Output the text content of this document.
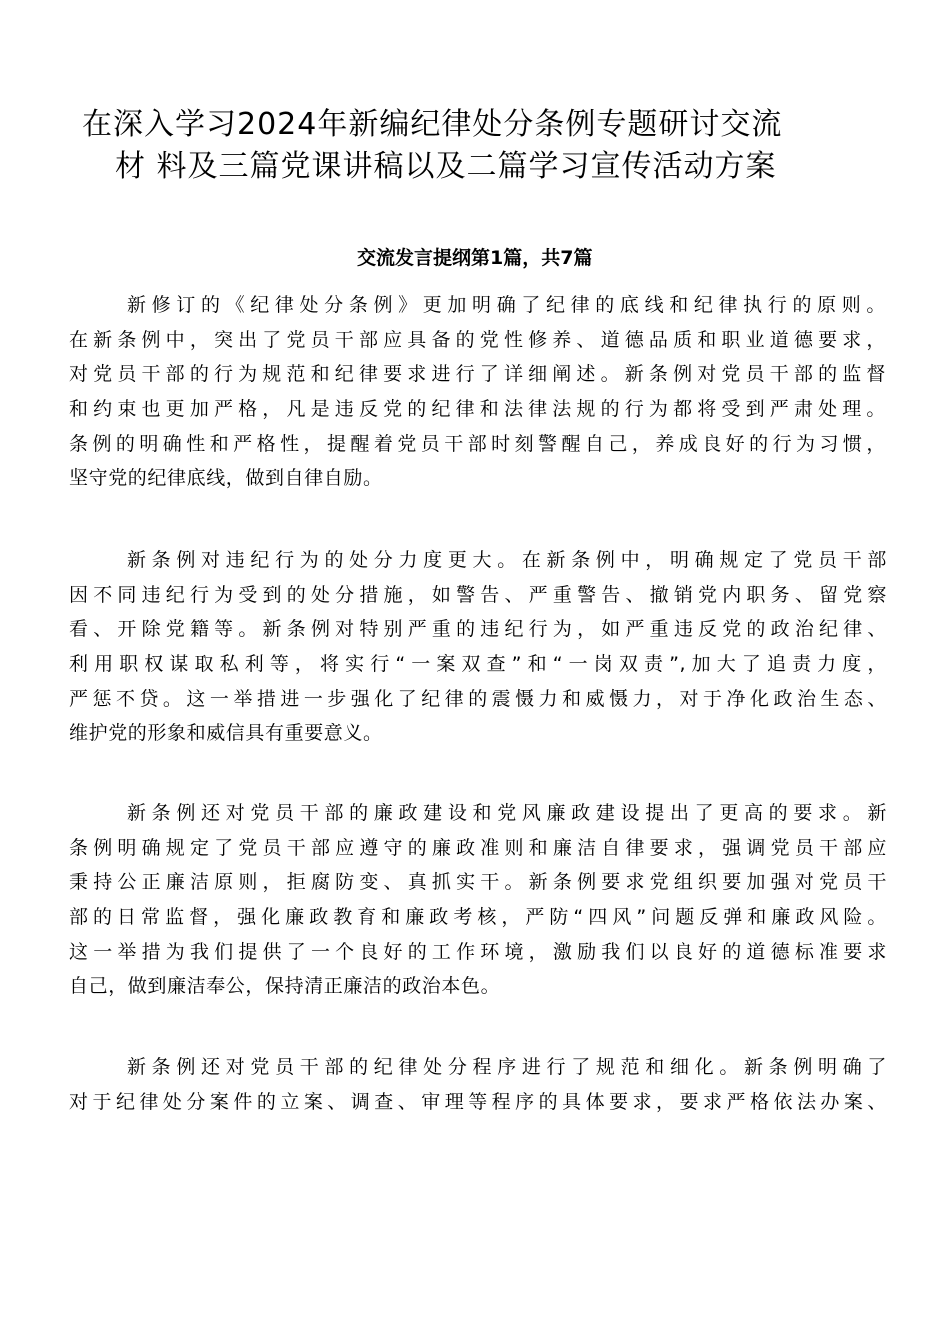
在深入学习2024年新编纪律处分条例专题研讨交流
材 料及三篇党课讲稿以及二篇学习宣传活动方案
交流发言提纲第1篇，共7篇
新修订的《纪律处分条例》更加明确了纪律的底线和纪律执行的原则。
在新条例中，突出了党员干部应具备的党性修养、道德品质和职业道德要求，
对党员干部的行为规范和纪律要求进行了详细阐述。新条例对党员干部的监督
和约束也更加严格，凡是违反党的纪律和法律法规的行为都将受到严肃处理。
条例的明确性和严格性，提醒着党员干部时刻警醒自己，养成良好的行为习惯，
坚守党的纪律底线，做到自律自励。
新条例对违纪行为的处分力度更大。在新条例中，明确规定了党员干部
因不同违纪行为受到的处分措施，如警告、严重警告、撤销党内职务、留党察
看、开除党籍等。新条例对特别严重的违纪行为，如严重违反党的政治纪律、
利用职权谋取私利等，将实行“一案双查”和“一岗双责”,加大了追责力度，
严惩不贷。这一举措进一步强化了纪律的震慑力和威慑力，对于净化政治生态、
维护党的形象和威信具有重要意义。
新条例还对党员干部的廉政建设和党风廉政建设提出了更高的要求。新
条例明确规定了党员干部应遵守的廉政准则和廉洁自律要求，强调党员干部应
秉持公正廉洁原则，拒腐防变、真抓实干。新条例要求党组织要加强对党员干
部的日常监督，强化廉政教育和廉政考核，严防“四风”问题反弹和廉政风险。
这一举措为我们提供了一个良好的工作环境，激励我们以良好的道德标准要求
自己，做到廉洁奉公，保持清正廉洁的政治本色。
新条例还对党员干部的纪律处分程序进行了规范和细化。新条例明确了
对于纪律处分案件的立案、调查、审理等程序的具体要求，要求严格依法办案、
